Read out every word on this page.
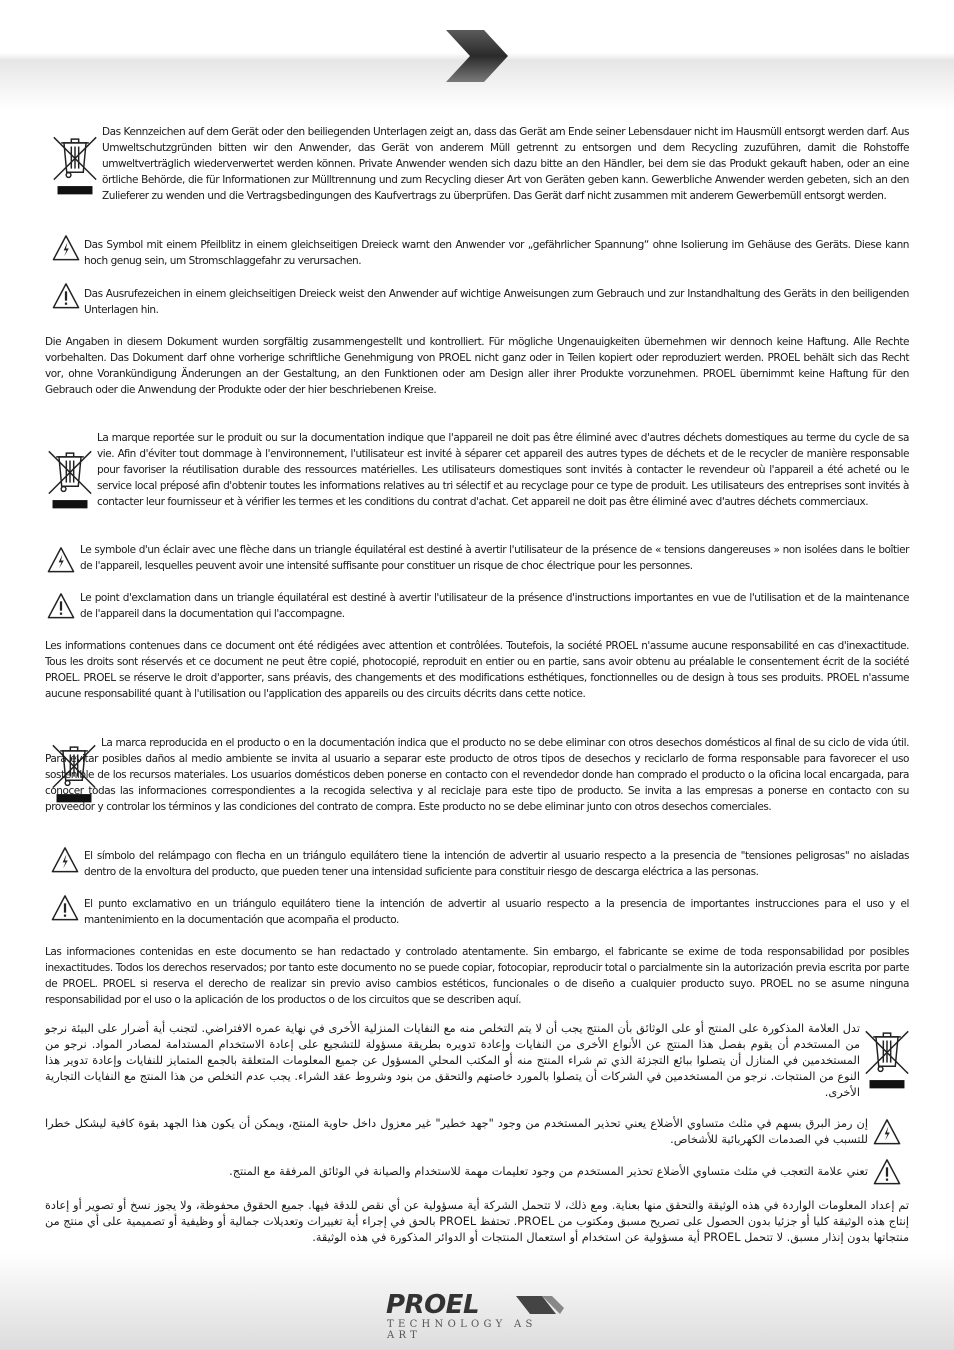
Das Kennzeichen auf dem Gerät oder den beiliegenden Unterlagen zeigt an, dass das Gerät am Ende seiner Lebensdauer nicht im Hausmüll entsorgt werden darf. Aus Umweltschutzgründen bitten wir den Anwender, das Gerät von anderem Müll getrennt zu entsorgen und dem Recycling zuzuführen, damit die Rohstoffe umweltverträglich wiederverwertet werden können. Private Anwender wenden sich dazu bitte an den Händler, bei dem sie das Produkt gekauft haben, oder an eine örtliche Behörde, die für Informationen zur Mülltrennung und zum Recycling dieser Art von Geräten geben kann. Gewerbliche Anwender werden gebeten, sich an den Zulieferer zu wenden und die Vertragsbedingungen des Kaufvertrags zu überprüfen. Das Gerät darf nicht zusammen mit anderem Gewerbemüll entsorgt werden.

Das Symbol mit einem Pfeilblitz in einem gleichseitigen Dreieck warnt den Anwender vor „gefährlicher Spannung“ ohne Isolierung im Gehäuse des Geräts. Diese kann hoch genug sein, um Stromschlaggefahr zu verursachen.

Das Ausrufezeichen in einem gleichseitigen Dreieck weist den Anwender auf wichtige Anweisungen zum Gebrauch und zur Instandhaltung des Geräts in den beiligenden Unterlagen hin.

Die Angaben in diesem Dokument wurden sorgfältig zusammengestellt und kontrolliert. Für mögliche Ungenauigkeiten übernehmen wir dennoch keine Haftung. Alle Rechte vorbehalten. Das Dokument darf ohne vorherige schriftliche Genehmigung von PROEL nicht ganz oder in Teilen kopiert oder reproduziert werden. PROEL behält sich das Recht vor, ohne Vorankündigung Änderungen an der Gestaltung, an den Funktionen oder am Design aller ihrer Produkte vorzunehmen. PROEL übernimmt keine Haftung für den Gebrauch oder die Anwendung der Produkte oder der hier beschriebenen Kreise.

La marque reportée sur le produit ou sur la documentation indique que l'appareil ne doit pas être éliminé avec d'autres déchets domestiques au terme du cycle de sa vie. Afin d'éviter tout dommage à l'environnement, l'utilisateur est invité à séparer cet appareil des autres types de déchets et de le recycler de manière responsable pour favoriser la réutilisation durable des ressources matérielles. Les utilisateurs domestiques sont invités à contacter le revendeur où l'appareil a été acheté ou le service local préposé afin d'obtenir toutes les informations relatives au tri sélectif et au recyclage pour ce type de produit. Les utilisateurs des entreprises sont invités à contacter leur fournisseur et à vérifier les termes et les conditions du contrat d'achat. Cet appareil ne doit pas être éliminé avec d'autres déchets commerciaux.

Le symbole d'un éclair avec une flèche dans un triangle équilatéral est destiné à avertir l'utilisateur de la présence de « tensions dangereuses » non isolées dans le boîtier de l'appareil, lesquelles peuvent avoir une intensité suffisante pour constituer un risque de choc électrique pour les personnes.

Le point d'exclamation dans un triangle équilatéral est destiné à avertir l'utilisateur de la présence d'instructions importantes en vue de l'utilisation et de la maintenance de l'appareil dans la documentation qui l'accompagne.

Les informations contenues dans ce document ont été rédigées avec attention et contrôlées. Toutefois, la société PROEL n'assume aucune responsabilité en cas d'inexactitude. Tous les droits sont réservés et ce document ne peut être copié, photocopié, reproduit en entier ou en partie, sans avoir obtenu au préalable le consentement écrit de la société PROEL. PROEL se réserve le droit d'apporter, sans préavis, des changements et des modifications esthétiques, fonctionnelles ou de design à tous ses produits. PROEL n'assume aucune responsabilité quant à l'utilisation ou l'application des appareils ou des circuits décrits dans cette notice.

La marca reproducida en el producto o en la documentación indica que el producto no se debe eliminar con otros desechos domésticos al final de su ciclo de vida útil. Para evitar posibles daños al medio ambiente se invita al usuario a separar este producto de otros tipos de desechos y reciclarlo de forma responsable para favorecer el uso sostenible de los recursos materiales. Los usuarios domésticos deben ponerse en contacto con el revendedor donde han comprado el producto o la oficina local encargada, para conocer todas las informaciones correspondientes a la recogida selectiva y al reciclaje para este tipo de producto. Se invita a las empresas a ponerse en contacto con su proveedor y controlar los términos y las condiciones del contrato de compra. Este producto no se debe eliminar junto con otros desechos comerciales.

El símbolo del relámpago con flecha en un triángulo equilátero tiene la intención de advertir al usuario respecto a la presencia de "tensiones peligrosas" no aisladas dentro de la envoltura del producto, que pueden tener una intensidad suficiente para constituir riesgo de descarga eléctrica a las personas.

El punto exclamativo en un triángulo equilátero tiene la intención de advertir al usuario respecto a la presencia de importantes instrucciones para el uso y el mantenimiento en la documentación que acompaña el producto.

Las informaciones contenidas en este documento se han redactado y controlado atentamente. Sin embargo, el fabricante se exime de toda responsabilidad por posibles inexactitudes. Todos los derechos reservados; por tanto este documento no se puede copiar, fotocopiar, reproducir total o parcialmente sin la autorización previa escrita por parte de PROEL. PROEL si reserva el derecho de realizar sin previo aviso cambios estéticos, funcionales o de diseño a cualquier producto suyo. PROEL no se asume ninguna responsabilidad por el uso o la aplicación de los productos o de los circuitos que se describen aquí.

تدل العلامة المذكورة على المنتج أو على الوثائق بأن المنتج يجب أن لا يتم التخلص منه مع النفايات المنزلية الأخرى في نهاية عمره الافتراضي. لتجنب أية أضرار على البيئة نرجو من المستخدم أن يقوم بفصل هذا المنتج عن الأنواع الأخرى من النفايات وإعادة تدويره بطريقة مسؤولة للتشجيع على إعادة الاستخدام المستدامة لمصادر المواد. نرجو من المستخدمين في المنازل أن يتصلوا ببائع التجزئة الذي تم شراء المنتج منه أو المكتب المحلي المسؤول عن جميع المعلومات المتعلقة بالجمع المتمايز للنفايات وإعادة تدوير هذا النوع من المنتجات. نرجو من المستخدمين في الشركات أن يتصلوا بالمورد خاصتهم والتحقق من بنود وشروط عقد الشراء. يجب عدم التخلص من هذا المنتج مع النفايات التجارية الأخرى.

إن رمز البرق بسهم في مثلث متساوي الأضلاع يعني تحذير المستخدم من وجود "جهد خطير" غير معزول داخل حاوية المنتج، ويمكن أن يكون هذا الجهد بقوة كافية ليشكل خطرا للتسبب في الصدمات الكهربائية للأشخاص.

تعني علامة التعجب في مثلث متساوي الأضلاع تحذير المستخدم من وجود تعليمات مهمة للاستخدام والصيانة في الوثائق المرفقة مع المنتج.

تم إعداد المعلومات الواردة في هذه الوثيقة والتحقق منها بعناية. ومع ذلك، لا تتحمل الشركة أية مسؤولية عن أي نقص للدقة فيها. جميع الحقوق محفوظة، ولا يجوز نسخ أو تصوير أو إعادة إنتاج هذه الوثيقة كليا أو جزئيا بدون الحصول على تصريح مسبق ومكتوب من PROEL. تحتفظ PROEL بالحق في إجراء أية تغييرات وتعديلات جمالية أو وظيفية أو تصميمية على أي منتج من منتجاتها بدون إنذار مسبق. لا تتحمل PROEL أية مسؤولية عن استخدام أو استعمال المنتجات أو الدوائر المذكورة في هذه الوثيقة.

PROEL
TECHNOLOGY AS ART
